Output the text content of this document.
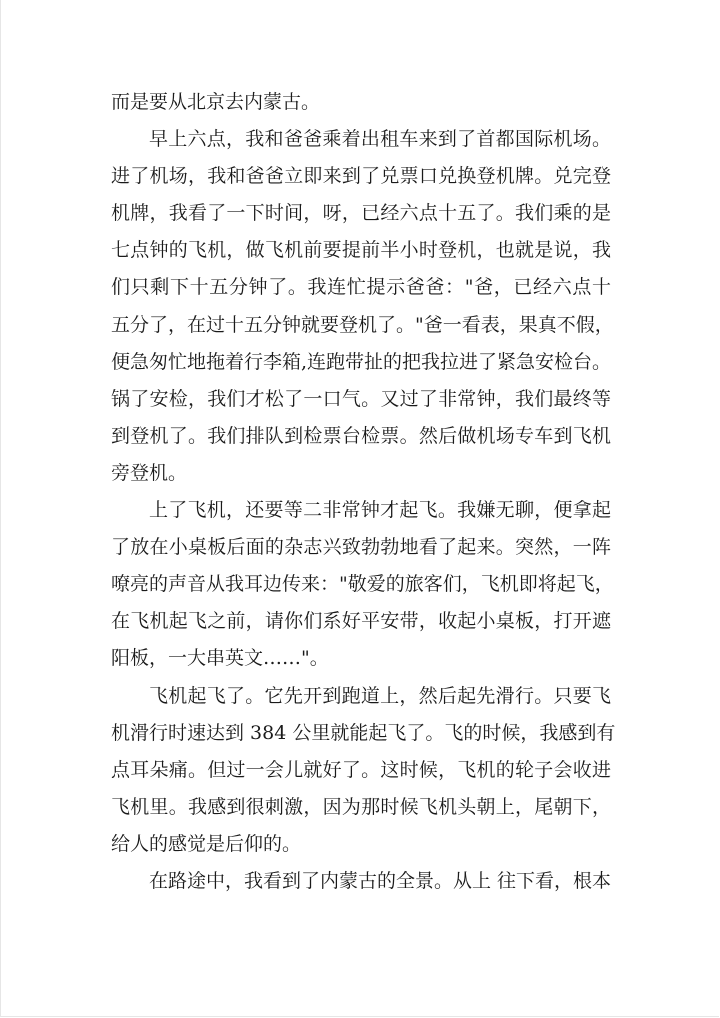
而是要从北京去内蒙古。
早上六点，我和爸爸乘着出租车来到了首都国际机场。
进了机场，我和爸爸立即来到了兑票口兑换登机牌。兑完登
机牌，我看了一下时间，呀，已经六点十五了。我们乘的是
七点钟的飞机，做飞机前要提前半小时登机，也就是说，我
们只剩下十五分钟了。我连忙提示爸爸："爸，已经六点十
五分了，在过十五分钟就要登机了。"爸一看表，果真不假，
便急匆忙地拖着行李箱,连跑带扯的把我拉进了紧急安检台。
锅了安检，我们才松了一口气。又过了非常钟，我们最终等
到登机了。我们排队到检票台检票。然后做机场专车到飞机
旁登机。
上了飞机，还要等二非常钟才起飞。我嫌无聊，便拿起
了放在小桌板后面的杂志兴致勃勃地看了起来。突然，一阵
嘹亮的声音从我耳边传来："敬爱的旅客们，飞机即将起飞，
在飞机起飞之前，请你们系好平安带，收起小桌板，打开遮
阳板，一大串英文……"。
飞机起飞了。它先开到跑道上，然后起先滑行。只要飞
机滑行时速达到 384 公里就能起飞了。飞的时候，我感到有
点耳朵痛。但过一会儿就好了。这时候，飞机的轮子会收进
飞机里。我感到很刺激，因为那时候飞机头朝上，尾朝下，
给人的感觉是后仰的。
在路途中，我看到了内蒙古的全景。从上 往下看，根本
